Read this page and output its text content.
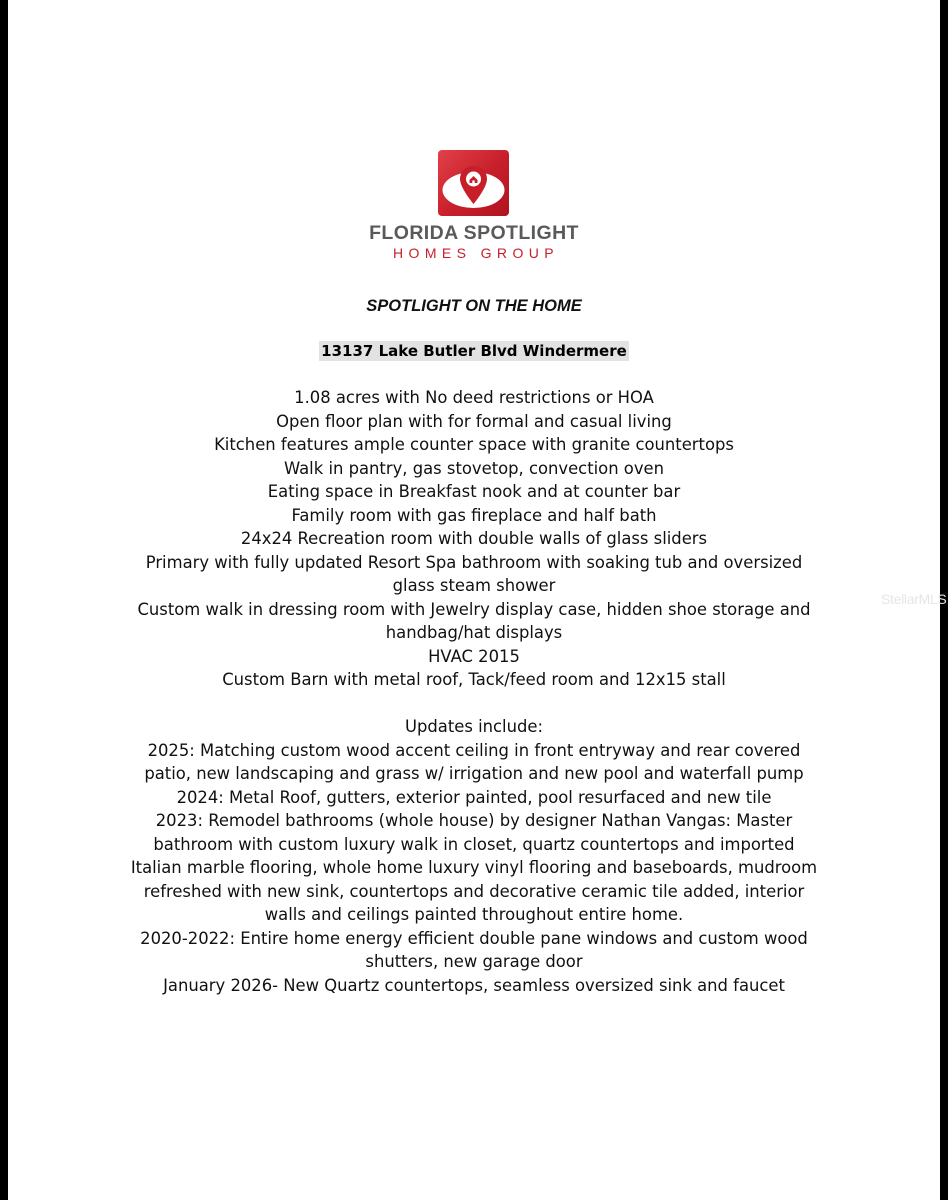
FLORIDA SPOTLIGHT
HOMES GROUP
SPOTLIGHT ON THE HOME
13137 Lake Butler Blvd Windermere
1.08 acres with No deed restrictions or HOA
Open floor plan with for formal and casual living
Kitchen features ample counter space with granite countertops
Walk in pantry, gas stovetop, convection oven
Eating space in Breakfast nook and at counter bar
Family room with gas fireplace and half bath
24x24 Recreation room with double walls of glass sliders
Primary with fully updated Resort Spa bathroom with soaking tub and oversized
glass steam shower
Custom walk in dressing room with Jewelry display case, hidden shoe storage and
handbag/hat displays
HVAC 2015
Custom Barn with metal roof, Tack/feed room and 12x15 stall
Updates include:
2025: Matching custom wood accent ceiling in front entryway and rear covered
patio, new landscaping and grass w/ irrigation and new pool and waterfall pump
2024: Metal Roof, gutters, exterior painted, pool resurfaced and new tile
2023: Remodel bathrooms (whole house) by designer Nathan Vangas: Master
bathroom with custom luxury walk in closet, quartz countertops and imported
Italian marble flooring, whole home luxury vinyl flooring and baseboards, mudroom
refreshed with new sink, countertops and decorative ceramic tile added, interior
walls and ceilings painted throughout entire home.
2020-2022: Entire home energy efficient double pane windows and custom wood
shutters, new garage door
January 2026- New Quartz countertops, seamless oversized sink and faucet
StellarMLS
